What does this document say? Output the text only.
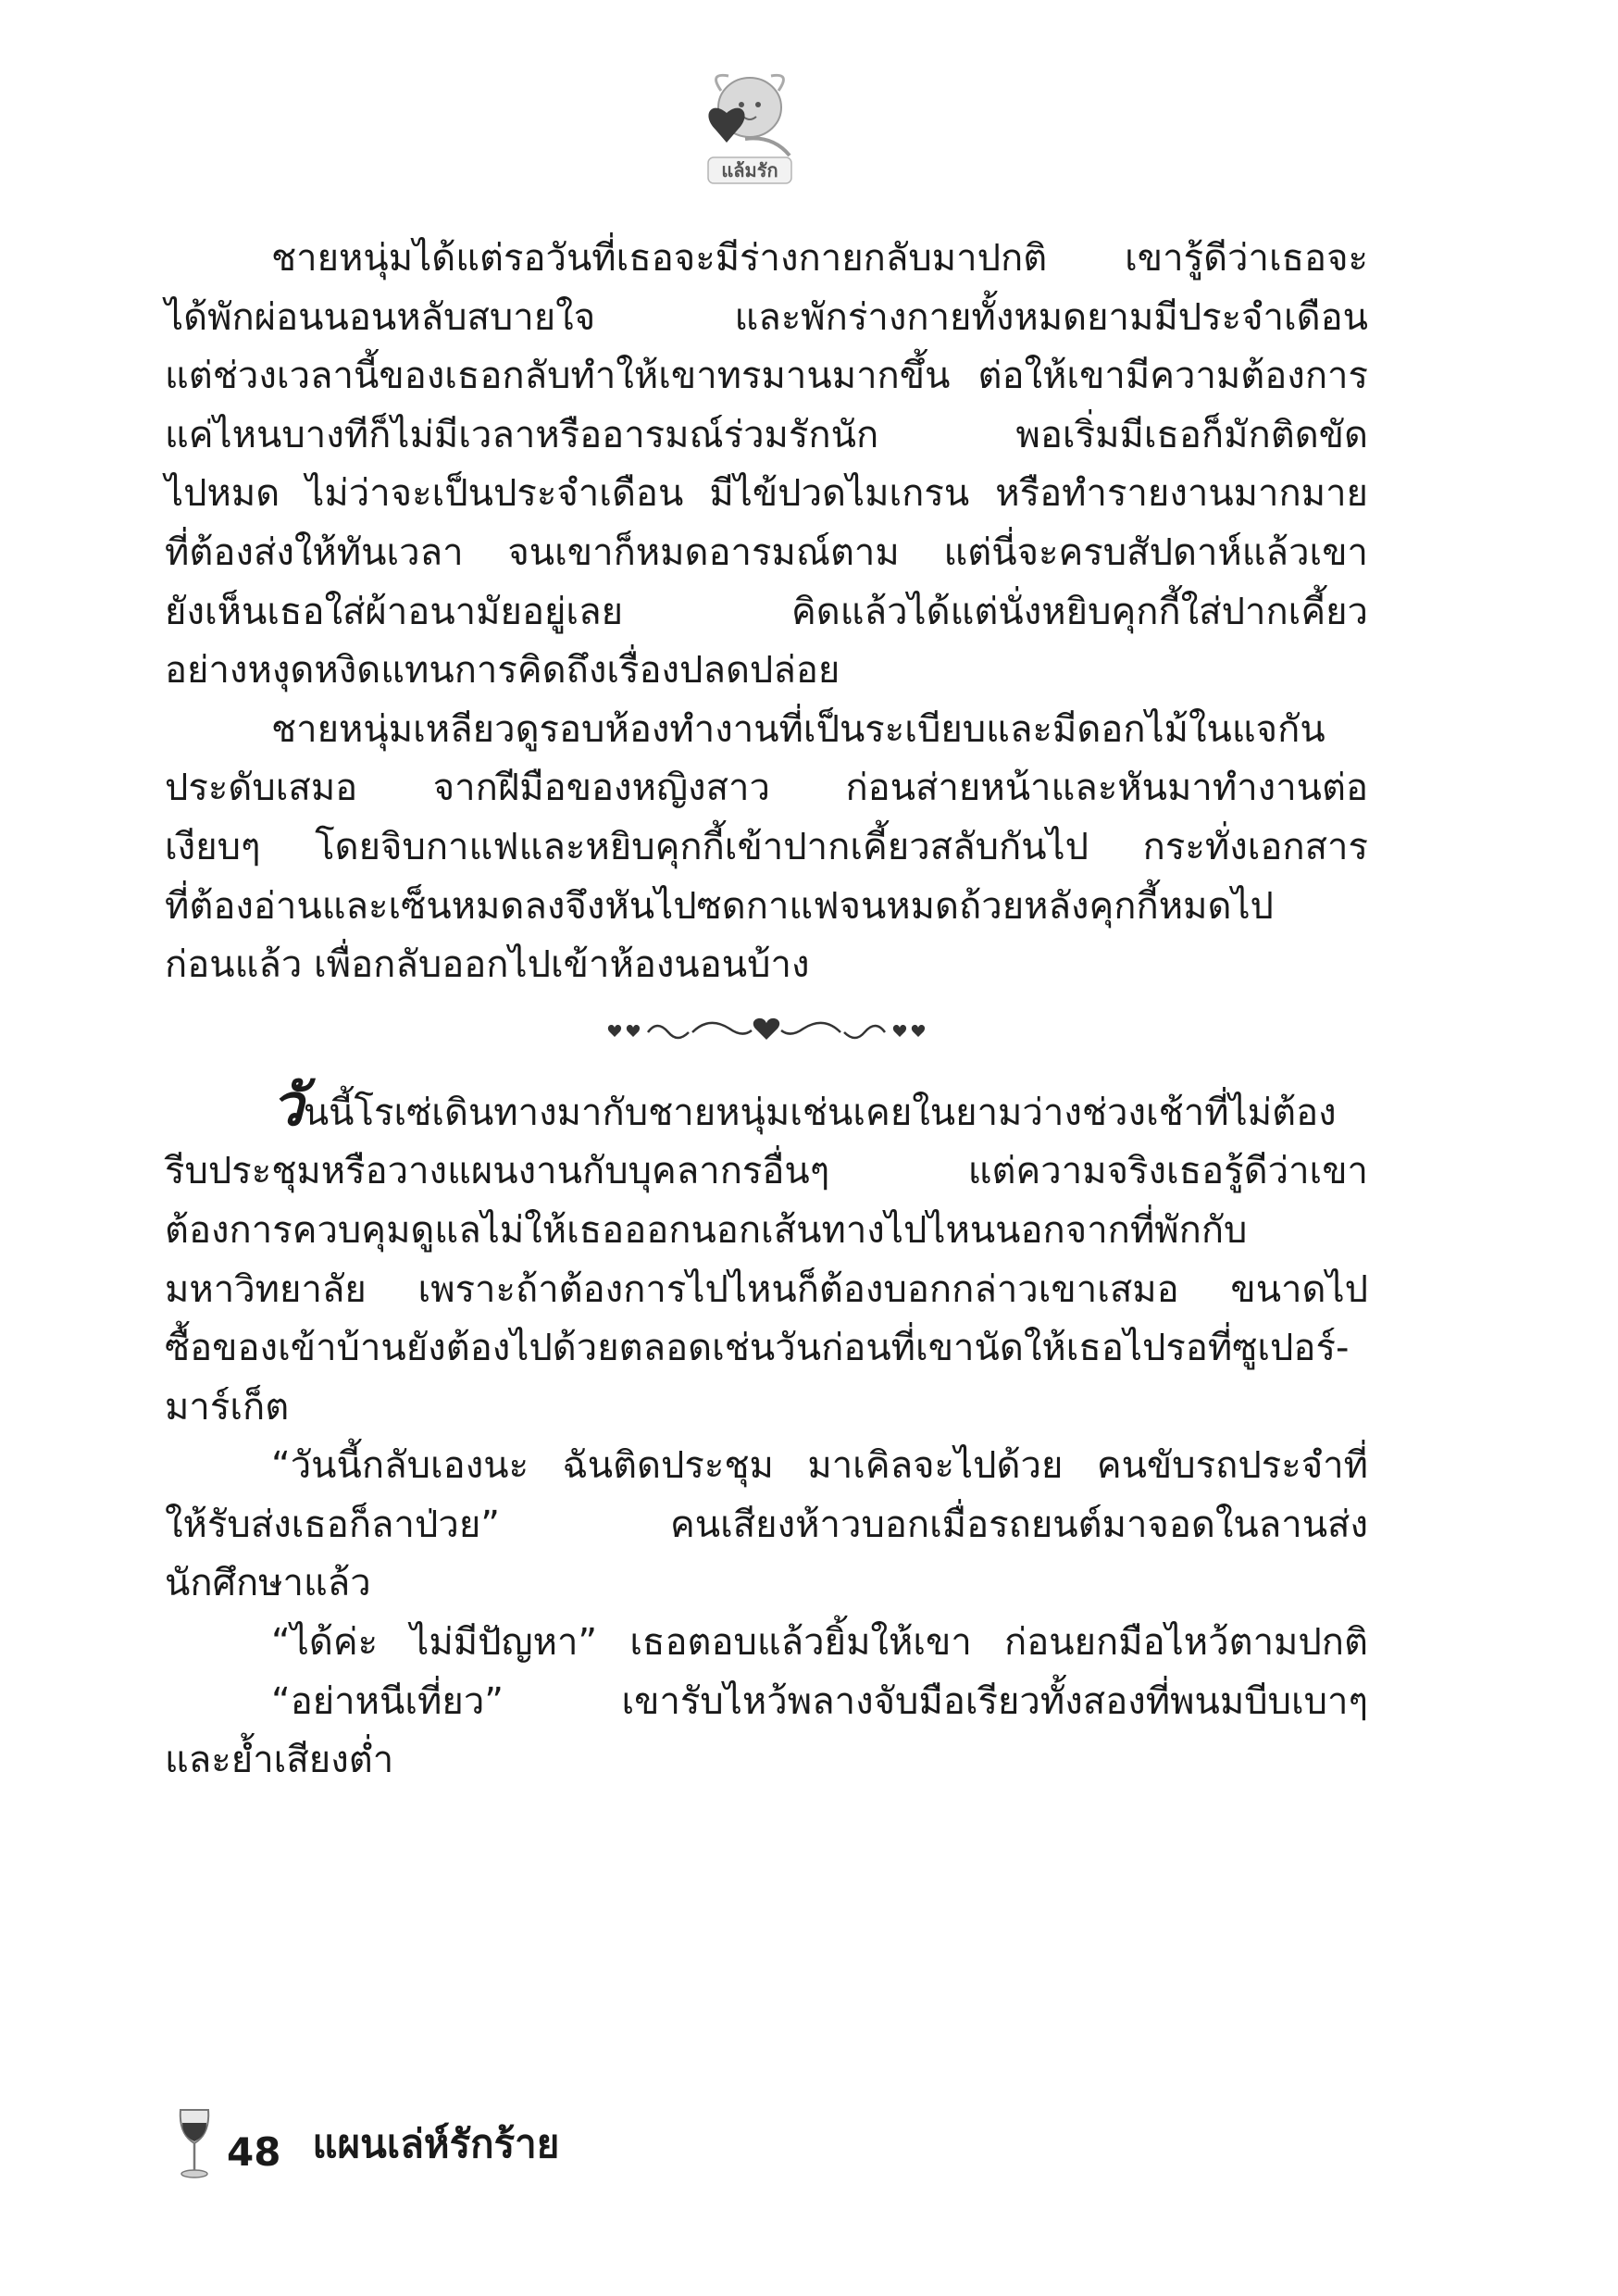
แล้มรัก
ชายหนุ่มได้แต่รอวันที่เธอจะมีร่างกายกลับมาปกติ เขารู้ดีว่าเธอจะ
ได้พักผ่อนนอนหลับสบายใจ และพักร่างกายทั้งหมดยามมีประจำเดือน
แต่ช่วงเวลานี้ของเธอกลับทำให้เขาทรมานมากขึ้น ต่อให้เขามีความต้องการ
แค่ไหนบางทีก็ไม่มีเวลาหรืออารมณ์ร่วมรักนัก พอเริ่มมีเธอก็มักติดขัด
ไปหมด ไม่ว่าจะเป็นประจำเดือน มีไข้ปวดไมเกรน หรือทำรายงานมากมาย
ที่ต้องส่งให้ทันเวลา จนเขาก็หมดอารมณ์ตาม แต่นี่จะครบสัปดาห์แล้วเขา
ยังเห็นเธอใส่ผ้าอนามัยอยู่เลย คิดแล้วได้แต่นั่งหยิบคุกกี้ใส่ปากเคี้ยว
อย่างหงุดหงิดแทนการคิดถึงเรื่องปลดปล่อย
ชายหนุ่มเหลียวดูรอบห้องทำงานที่เป็นระเบียบและมีดอกไม้ในแจกัน
ประดับเสมอ จากฝีมือของหญิงสาว ก่อนส่ายหน้าและหันมาทำงานต่อ
เงียบๆ โดยจิบกาแฟและหยิบคุกกี้เข้าปากเคี้ยวสลับกันไป กระทั่งเอกสาร
ที่ต้องอ่านและเซ็นหมดลงจึงหันไปซดกาแฟจนหมดถ้วยหลังคุกกี้หมดไป
ก่อนแล้ว เพื่อกลับออกไปเข้าห้องนอนบ้าง
วันนี้โรเซ่เดินทางมากับชายหนุ่มเช่นเคยในยามว่างช่วงเช้าที่ไม่ต้อง
รีบประชุมหรือวางแผนงานกับบุคลากรอื่นๆ แต่ความจริงเธอรู้ดีว่าเขา
ต้องการควบคุมดูแลไม่ให้เธอออกนอกเส้นทางไปไหนนอกจากที่พักกับ
มหาวิทยาลัย เพราะถ้าต้องการไปไหนก็ต้องบอกกล่าวเขาเสมอ ขนาดไป
ซื้อของเข้าบ้านยังต้องไปด้วยตลอดเช่นวันก่อนที่เขานัดให้เธอไปรอที่ซูเปอร์-
มาร์เก็ต
“วันนี้กลับเองนะ ฉันติดประชุม มาเคิลจะไปด้วย คนขับรถประจำที่
ให้รับส่งเธอก็ลาป่วย” คนเสียงห้าวบอกเมื่อรถยนต์มาจอดในลานส่ง
นักศึกษาแล้ว
“ได้ค่ะ ไม่มีปัญหา” เธอตอบแล้วยิ้มให้เขา ก่อนยกมือไหว้ตามปกติ
“อย่าหนีเที่ยว” เขารับไหว้พลางจับมือเรียวทั้งสองที่พนมบีบเบาๆ
และย้ำเสียงต่ำ
48 แผนเล่ห์รักร้าย
